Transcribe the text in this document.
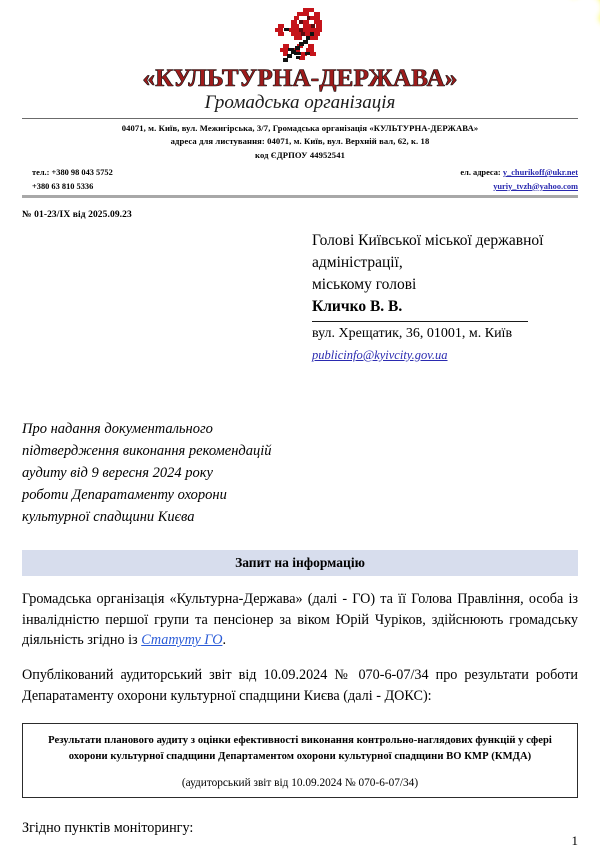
«КУЛЬТУРНА-ДЕРЖАВА»
Громадська організація
04071, м. Київ, вул. Межигірська, 3/7, Громадська організація «КУЛЬТУРНА-ДЕРЖАВА»
адреса для листування: 04071, м. Київ, вул. Верхній вал, 62, к. 18
код ЄДРПОУ 44952541
тел.: +380 98 043 5752
+380 63 810 5336
ел. адреса: y_churikoff@ukr.net
yuriy_tvzh@yahoo.com
№ 01-23/IX від 2025.09.23
Голові Київської міської державної
адміністрації,
міському голові
Кличко В. В.
вул. Хрещатик, 36, 01001, м. Київ
publicinfo@kyivcity.gov.ua
Про надання документального
підтвердження виконання рекомендацій
аудиту від 9 вересня 2024 року
роботи Депаратаменту охорони
культурної спадщини Києва
Запит на інформацію

Громадська організація «Культурна-Держава» (далі - ГО) та її Голова Правління, особа із інвалідністю першої групи та пенсіонер за віком Юрій Чуріков, здійснюють громадську діяльність згідно із Статуту ГО.

Опублікований аудиторський звіт від 10.09.2024 № 070-6-07/34 про результати роботи Депаратаменту охорони культурної спадщини Києва (далі - ДОКС):

Результати планового аудиту з оцінки ефективності виконання контрольно-наглядових функцій у сфері охорони культурної спадщини Департаментом охорони культурної спадщини ВО КМР (КМДА)
(аудиторський звіт від 10.09.2024 № 070-6-07/34)
Згідно пунктів моніторингу:
1
